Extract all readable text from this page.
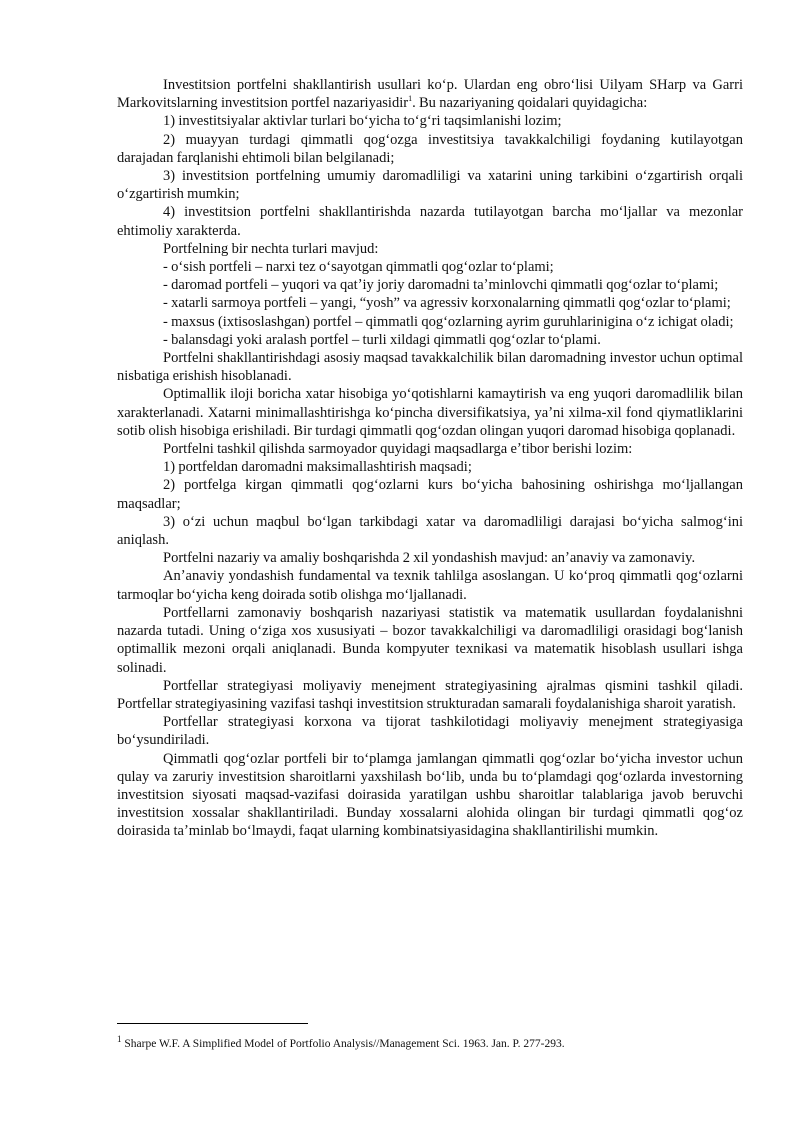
Investitsion portfelni shakllantirish usullari koʻp. Ulardan eng obroʻlisi Uilyam SHarp va Garri Markovitslarning investitsion portfel nazariyasidir$^1$. Bu nazariyaning qoidalari quyidagicha:

1) investitsiyalar aktivlar turlari boʻyicha toʻgʻri taqsimlanishi lozim;

2) muayyan turdagi qimmatli qogʻozga investitsiya tavakkalchiligi foydaning kutilayotgan darajadan farqlanishi ehtimoli bilan belgilanadi;

3) investitsion portfelning umumiy daromadliligi va xatarini uning tarkibini oʻzgartirish orqali oʻzgartirish mumkin;

4) investitsion portfelni shakllantirishda nazarda tutilayotgan barcha moʻljallar va mezonlar ehtimoliy xarakterda.

Portfelning bir nechta turlari mavjud:

- oʻsish portfeli – narxi tez oʻsayotgan qimmatli qogʻozlar toʻplami;

- daromad portfeli – yuqori va qatʼiy joriy daromadni taʼminlovchi qimmatli qogʻozlar toʻplami;

- xatarli sarmoya portfeli – yangi, “yosh” va agressiv korxonalarning qimmatli qogʻozlar toʻplami;

- maxsus (ixtisoslashgan) portfel – qimmatli qogʻozlarning ayrim guruhlarinigina oʻz ichigat oladi;

- balansdagi yoki aralash portfel – turli xildagi qimmatli qogʻozlar toʻplami.

Portfelni shakllantirishdagi asosiy maqsad tavakkalchilik bilan daromadning investor uchun optimal nisbatiga erishish hisoblanadi.

Optimallik iloji boricha xatar hisobiga yoʻqotishlarni kamaytirish va eng yuqori daromadlilik bilan xarakterlanadi. Xatarni minimallashtirishga koʻpincha diversifikatsiya, yaʼni xilma-xil fond qiymatliklarini sotib olish hisobiga erishiladi. Bir turdagi qimmatli qogʻozdan olingan yuqori daromad hisobiga qoplanadi.

Portfelni tashkil qilishda sarmoyador quyidagi maqsadlarga eʼtibor berishi lozim:

1) portfeldan daromadni maksimallashtirish maqsadi;

2) portfelga kirgan qimmatli qogʻozlarni kurs boʻyicha bahosining oshirishga moʻljallangan maqsadlar;

3) oʻzi uchun maqbul boʻlgan tarkibdagi xatar va daromadliligi darajasi boʻyicha salmogʻini aniqlash.

Portfelni nazariy va amaliy boshqarishda 2 xil yondashish mavjud: anʼanaviy va zamonaviy.

Anʼanaviy yondashish fundamental va texnik tahlilga asoslangan. U koʻproq qimmatli qogʻozlarni tarmoqlar boʻyicha keng doirada sotib olishga moʻljallanadi.

Portfellarni zamonaviy boshqarish nazariyasi statistik va matematik usullardan foydalanishni nazarda tutadi. Uning oʻziga xos xususiyati – bozor tavakkalchiligi va daromadliligi orasidagi bogʻlanish optimallik mezoni orqali aniqlanadi. Bunda kompyuter texnikasi va matematik hisoblash usullari ishga solinadi.

Portfellar strategiyasi moliyaviy menejment strategiyasining ajralmas qismini tashkil qiladi. Portfellar strategiyasining vazifasi tashqi investitsion strukturadan samarali foydalanishiga sharoit yaratish.

Portfellar strategiyasi korxona va tijorat tashkilotidagi moliyaviy menejment strategiyasiga boʻysundiriladi.

Qimmatli qogʻozlar portfeli bir toʻplamga jamlangan qimmatli qogʻozlar boʻyicha investor uchun qulay va zaruriy investitsion sharoitlarni yaxshilash boʻlib, unda bu toʻplamdagi qogʻozlarda investorning investitsion siyosati maqsad-vazifasi doirasida yaratilgan ushbu sharoitlar talablariga javob beruvchi investitsion xossalar shakllantiriladi. Bunday xossalarni alohida olingan bir turdagi qimmatli qogʻoz doirasida taʼminlab boʻlmaydi, faqat ularning kombinatsiyasidagina shakllantirilishi mumkin.

$^1$ Sharpe W.F. A Simplified Model of Portfolio Analysis//Management Sci. 1963. Jan. P. 277-293.
